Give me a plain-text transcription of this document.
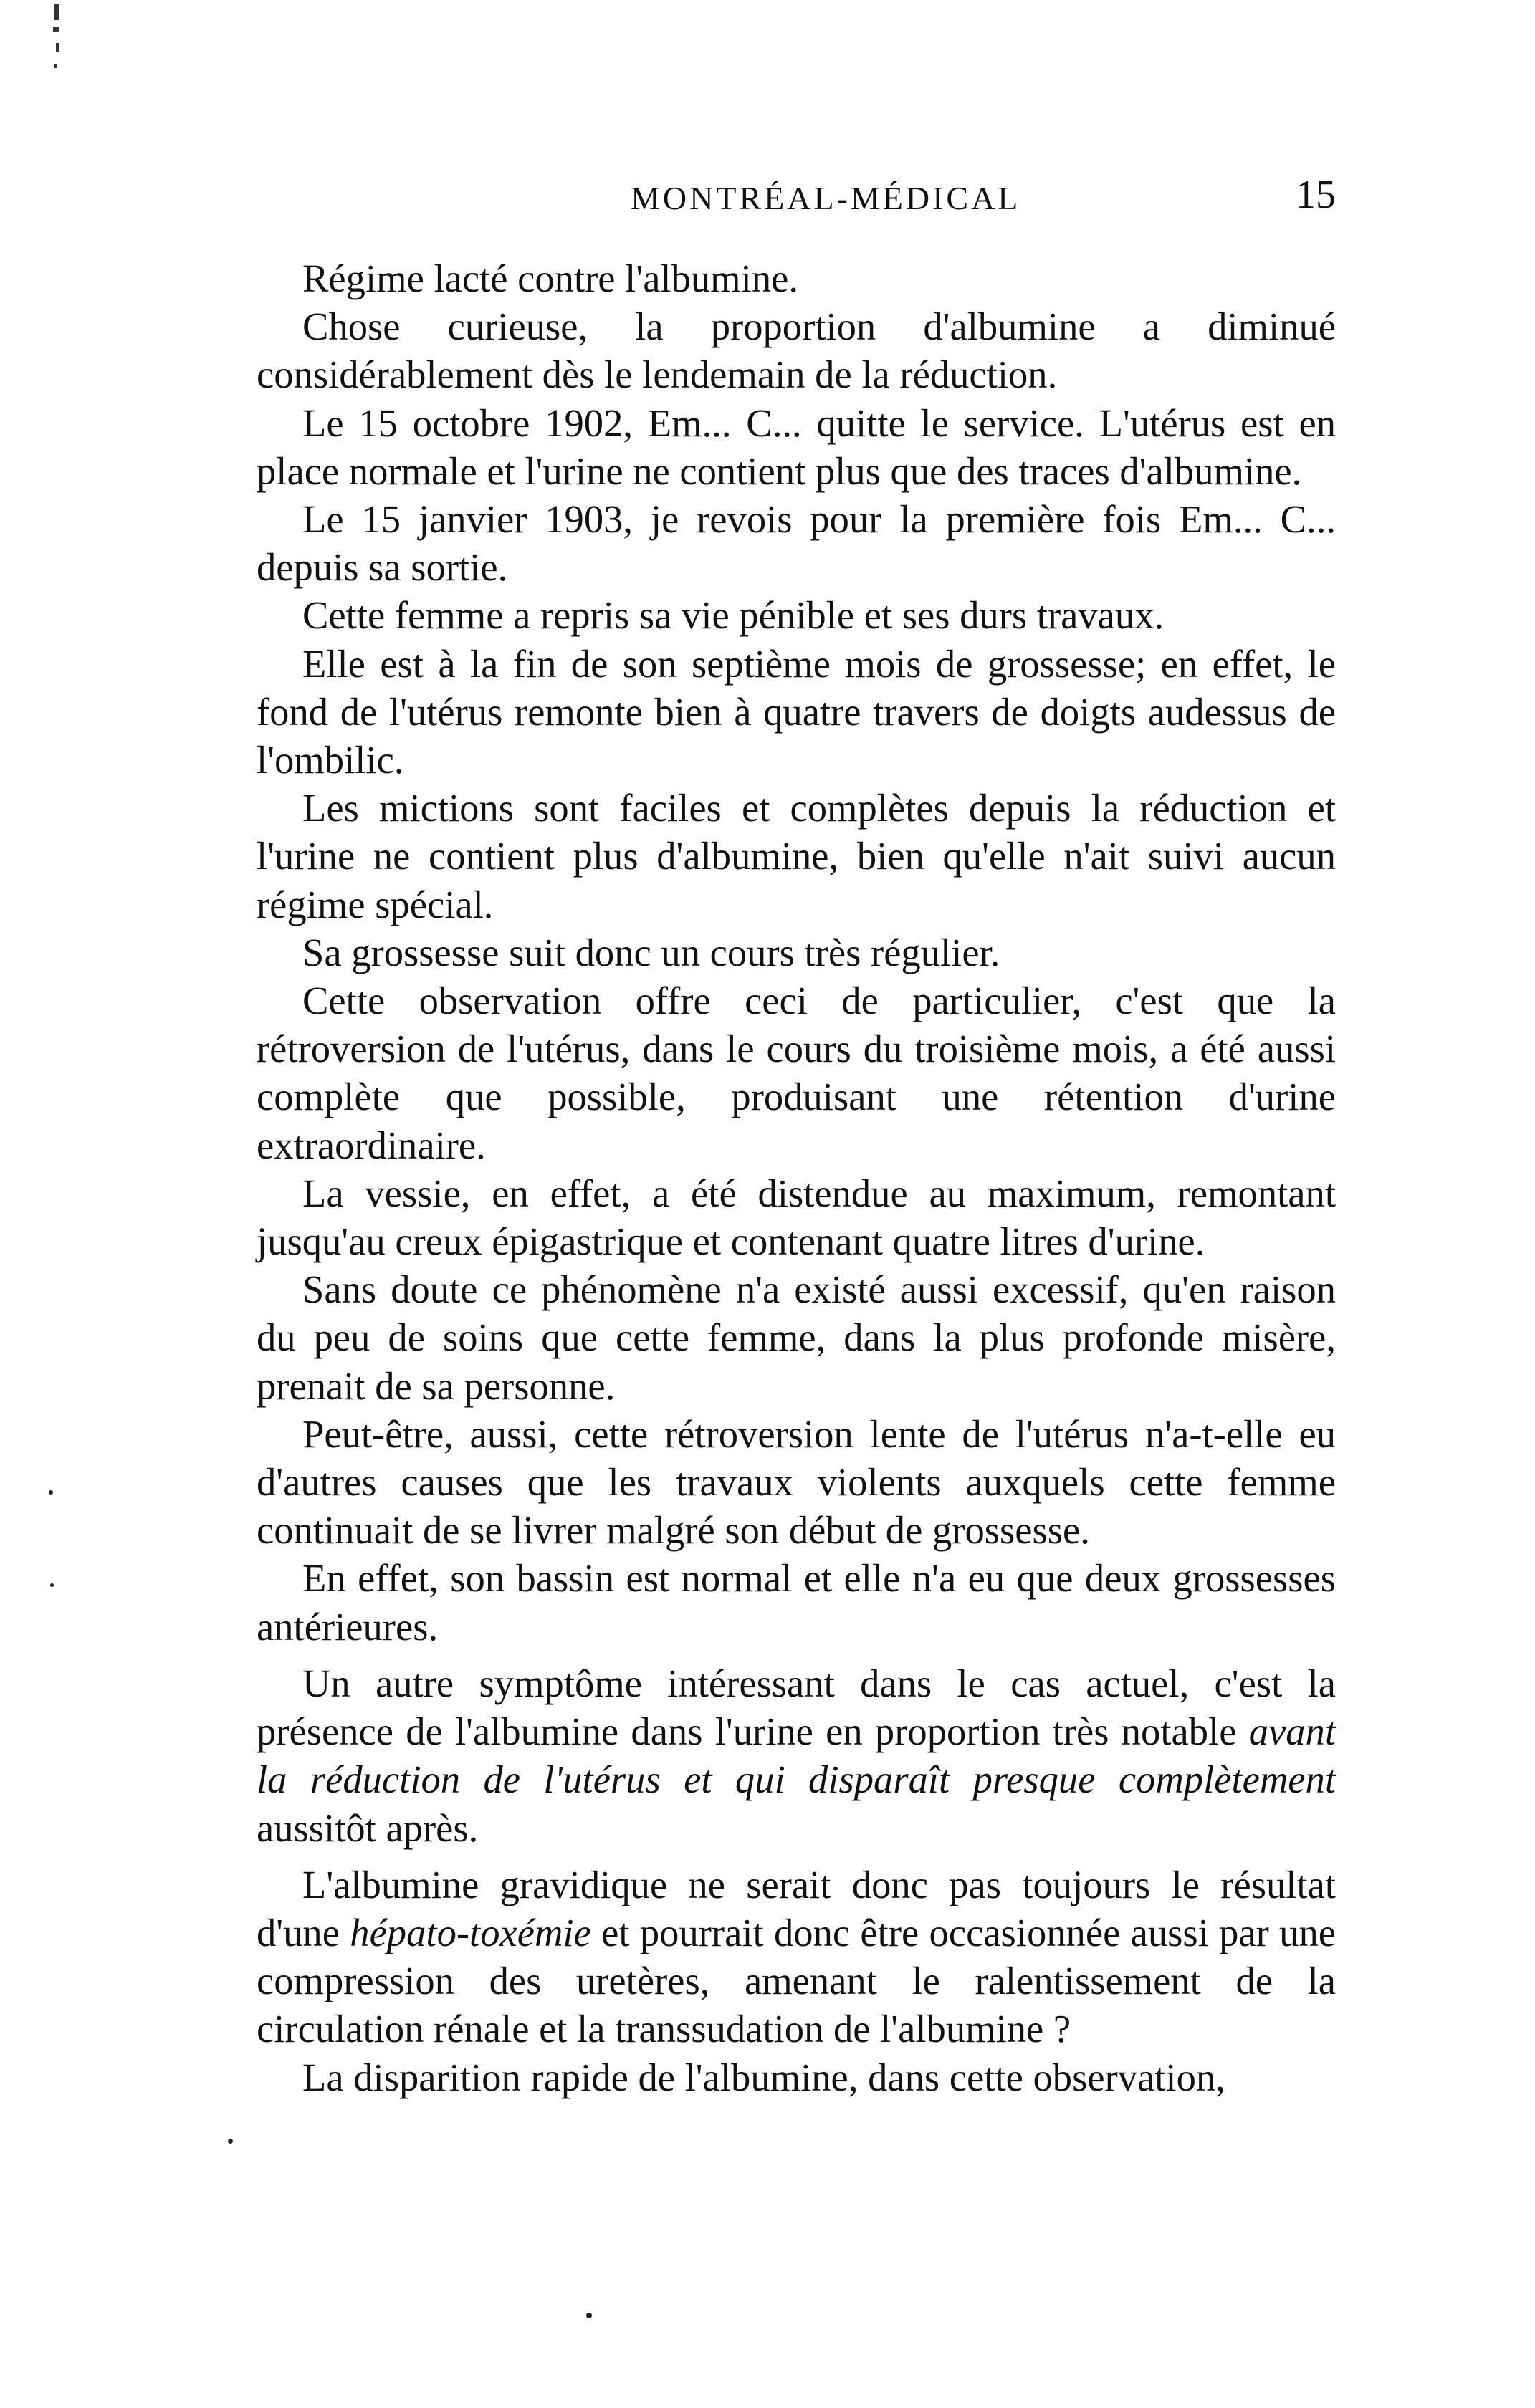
MONTRÉAL-MÉDICAL	15

Régime lacté contre l'albumine.

Chose curieuse, la proportion d'albumine a diminué considérablement dès le lendemain de la réduction.

Le 15 octobre 1902, Em... C... quitte le service. L'utérus est en place normale et l'urine ne contient plus que des traces d'albumine.

Le 15 janvier 1903, je revois pour la première fois Em... C... depuis sa sortie.

Cette femme a repris sa vie pénible et ses durs travaux.

Elle est à la fin de son septième mois de grossesse; en effet, le fond de l'utérus remonte bien à quatre travers de doigts audessus de l'ombilic.

Les mictions sont faciles et complètes depuis la réduction et l'urine ne contient plus d'albumine, bien qu'elle n'ait suivi aucun régime spécial.

Sa grossesse suit donc un cours très régulier.

Cette observation offre ceci de particulier, c'est que la rétroversion de l'utérus, dans le cours du troisième mois, a été aussi complète que possible, produisant une rétention d'urine extraordinaire.

La vessie, en effet, a été distendue au maximum, remontant jusqu'au creux épigastrique et contenant quatre litres d'urine.

Sans doute ce phénomène n'a existé aussi excessif, qu'en raison du peu de soins que cette femme, dans la plus profonde misère, prenait de sa personne.

Peut-être, aussi, cette rétroversion lente de l'utérus n'a-t-elle eu d'autres causes que les travaux violents auxquels cette femme continuait de se livrer malgré son début de grossesse.

En effet, son bassin est normal et elle n'a eu que deux grossesses antérieures.

Un autre symptôme intéressant dans le cas actuel, c'est la présence de l'albumine dans l'urine en proportion très notable avant la réduction de l'utérus et qui disparaît presque complètement aussitôt après.

L'albumine gravidique ne serait donc pas toujours le résultat d'une hépato-toxémie et pourrait donc être occasionnée aussi par une compression des uretères, amenant le ralentissement de la circulation rénale et la transsudation de l'albumine ?

La disparition rapide de l'albumine, dans cette observation,
